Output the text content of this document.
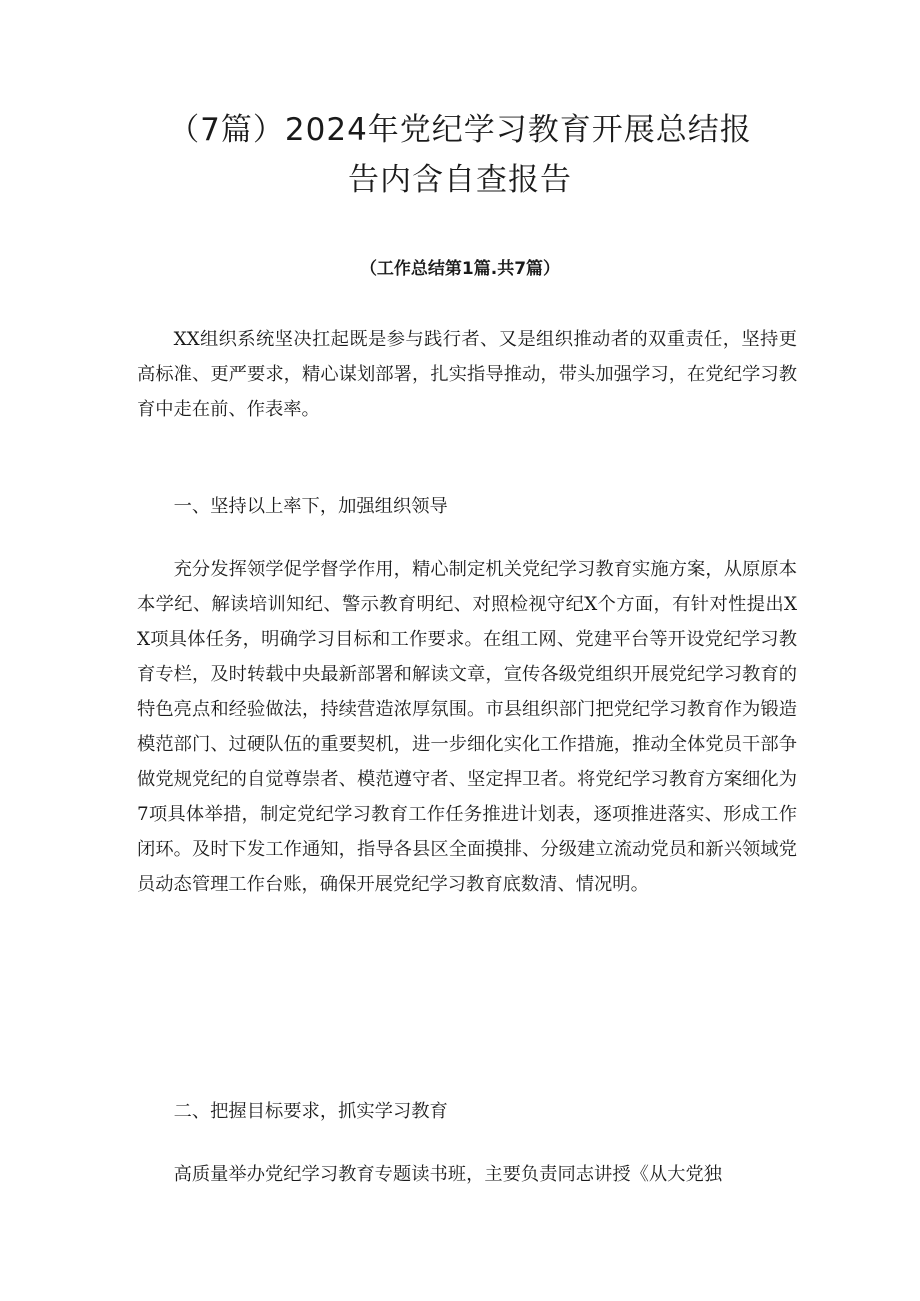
（7篇）2024年党纪学习教育开展总结报
告内含自查报告
（工作总结第1篇.共7篇）

XX组织系统坚决扛起既是参与践行者、又是组织推动者的双重责任，坚持更高标准、更严要求，精心谋划部署，扎实指导推动，带头加强学习，在党纪学习教育中走在前、作表率。

一、坚持以上率下，加强组织领导

充分发挥领学促学督学作用，精心制定机关党纪学习教育实施方案，从原原本本学纪、解读培训知纪、警示教育明纪、对照检视守纪X个方面，有针对性提出XX项具体任务，明确学习目标和工作要求。在组工网、党建平台等开设党纪学习教育专栏，及时转载中央最新部署和解读文章，宣传各级党组织开展党纪学习教育的特色亮点和经验做法，持续营造浓厚氛围。市县组织部门把党纪学习教育作为锻造模范部门、过硬队伍的重要契机，进一步细化实化工作措施，推动全体党员干部争做党规党纪的自觉尊崇者、模范遵守者、坚定捍卫者。将党纪学习教育方案细化为7项具体举措，制定党纪学习教育工作任务推进计划表，逐项推进落实、形成工作闭环。及时下发工作通知，指导各县区全面摸排、分级建立流动党员和新兴领域党员动态管理工作台账，确保开展党纪学习教育底数清、情况明。

二、把握目标要求，抓实学习教育

高质量举办党纪学习教育专题读书班，主要负责同志讲授《从大党独
